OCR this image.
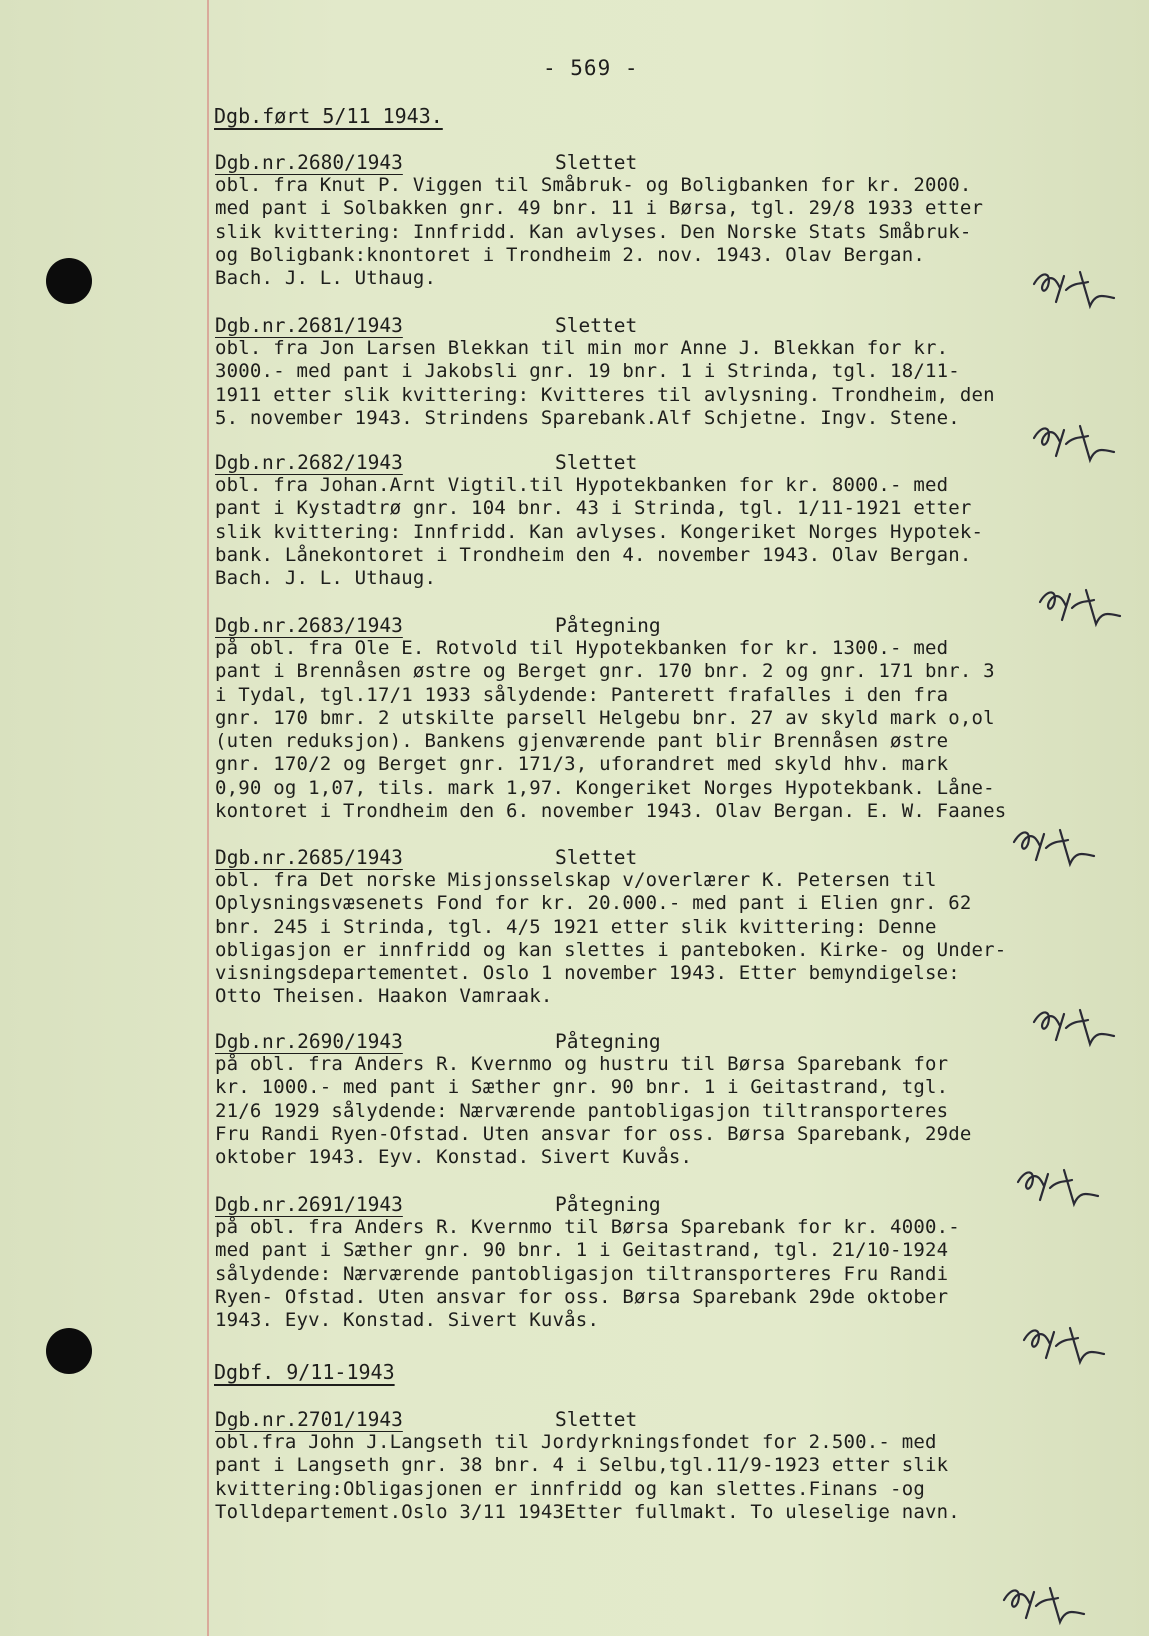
- 569 -
Dgb.ført 5/11 1943.
Dgb.nr.2680/1943	Slettet
obl. fra Knut P. Viggen til Småbruk- og Boligbanken for kr. 2000.
med pant i Solbakken gnr. 49 bnr. 11 i Børsa, tgl. 29/8 1933 etter
slik kvittering: Innfridd. Kan avlyses. Den Norske Stats Småbruk-
og Boligbank:knontoret i Trondheim 2. nov. 1943. Olav Bergan.
Bach. J. L. Uthaug.
Dgb.nr.2681/1943	Slettet
obl. fra Jon Larsen Blekkan til min mor Anne J. Blekkan for kr.
3000.- med pant i Jakobsli gnr. 19 bnr. 1 i Strinda, tgl. 18/11-
1911 etter slik kvittering: Kvitteres til avlysning. Trondheim, den
5. november 1943. Strindens Sparebank.Alf Schjetne. Ingv. Stene.
Dgb.nr.2682/1943	Slettet
obl. fra Johan.Arnt Vigtil.til Hypotekbanken for kr. 8000.- med
pant i Kystadtrø gnr. 104 bnr. 43 i Strinda, tgl. 1/11-1921 etter
slik kvittering: Innfridd. Kan avlyses. Kongeriket Norges Hypotek-
bank. Lånekontoret i Trondheim den 4. november 1943. Olav Bergan.
Bach. J. L. Uthaug.
Dgb.nr.2683/1943	Påtegning
på obl. fra Ole E. Rotvold til Hypotekbanken for kr. 1300.- med
pant i Brennåsen østre og Berget gnr. 170 bnr. 2 og gnr. 171 bnr. 3
i Tydal, tgl.17/1 1933 sålydende: Panterett frafalles i den fra
gnr. 170 bmr. 2 utskilte parsell Helgebu bnr. 27 av skyld mark o,ol
(uten reduksjon). Bankens gjenværende pant blir Brennåsen østre
gnr. 170/2 og Berget gnr. 171/3, uforandret med skyld hhv. mark
0,90 og 1,07, tils. mark 1,97. Kongeriket Norges Hypotekbank. Låne-
kontoret i Trondheim den 6. november 1943. Olav Bergan. E. W. Faanes
Dgb.nr.2685/1943	Slettet
obl. fra Det norske Misjonsselskap v/overlærer K. Petersen til
Oplysningsvæsenets Fond for kr. 20.000.- med pant i Elien gnr. 62
bnr. 245 i Strinda, tgl. 4/5 1921 etter slik kvittering: Denne
obligasjon er innfridd og kan slettes i panteboken. Kirke- og Under-
visningsdepartementet. Oslo 1 november 1943. Etter bemyndigelse:
Otto Theisen. Haakon Vamraak.
Dgb.nr.2690/1943	Påtegning
på obl. fra Anders R. Kvernmo og hustru til Børsa Sparebank for
kr. 1000.- med pant i Sæther gnr. 90 bnr. 1 i Geitastrand, tgl.
21/6 1929 sålydende: Nærværende pantobligasjon tiltransporteres
Fru Randi Ryen-Ofstad. Uten ansvar for oss. Børsa Sparebank, 29de
oktober 1943. Eyv. Konstad. Sivert Kuvås.
Dgb.nr.2691/1943	Påtegning
på obl. fra Anders R. Kvernmo til Børsa Sparebank for kr. 4000.-
med pant i Sæther gnr. 90 bnr. 1 i Geitastrand, tgl. 21/10-1924
sålydende: Nærværende pantobligasjon tiltransporteres Fru Randi
Ryen- Ofstad. Uten ansvar for oss. Børsa Sparebank 29de oktober
1943. Eyv. Konstad. Sivert Kuvås.
Dgbf. 9/11-1943
Dgb.nr.2701/1943	Slettet
obl.fra John J.Langseth til Jordyrkningsfondet for 2.500.- med
pant i Langseth gnr. 38 bnr. 4 i Selbu,tgl.11/9-1923 etter slik
kvittering:Obligasjonen er innfridd og kan slettes.Finans -og
Tolldepartement.Oslo 3/11 1943Etter fullmakt. To uleselige navn.
